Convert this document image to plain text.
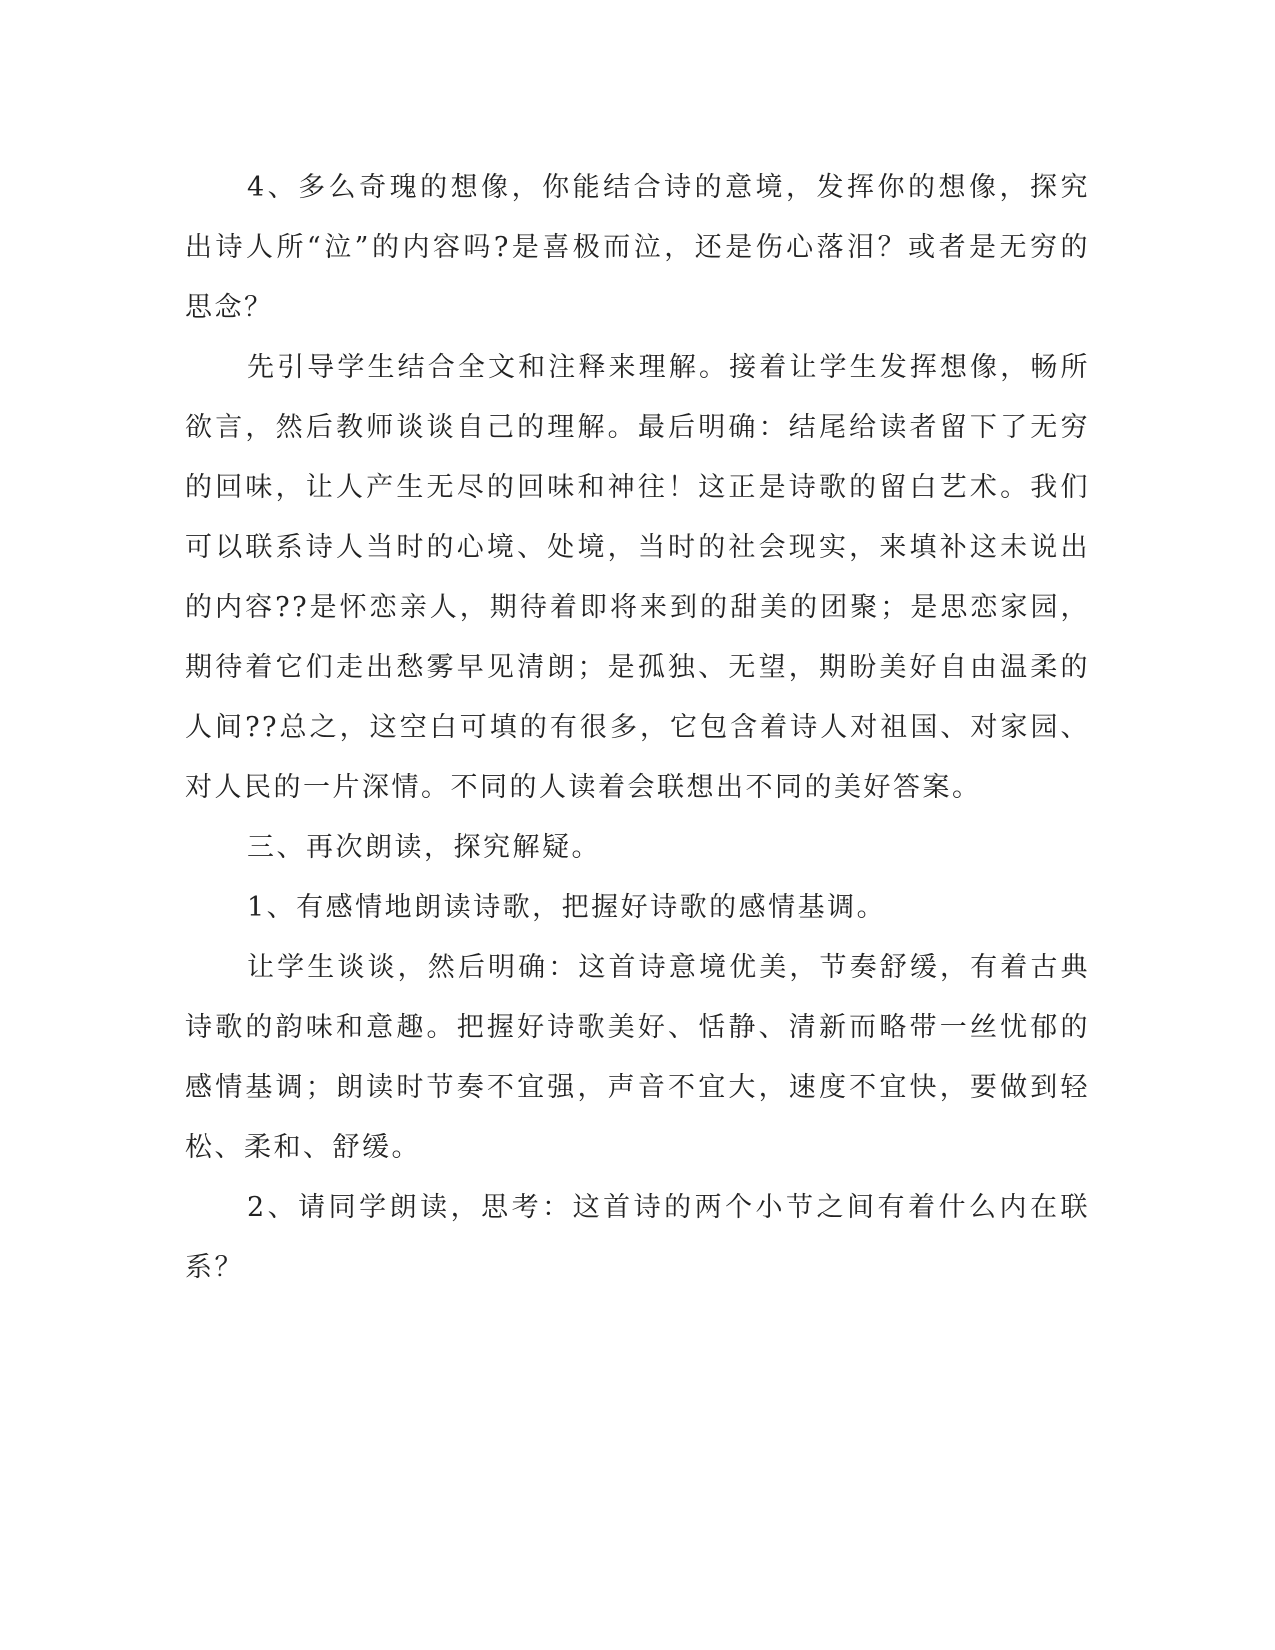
4、多么奇瑰的想像，你能结合诗的意境，发挥你的想像，探究出诗人所“泣”的内容吗?是喜极而泣，还是伤心落泪？或者是无穷的思念？

先引导学生结合全文和注释来理解。接着让学生发挥想像，畅所欲言，然后教师谈谈自己的理解。最后明确：结尾给读者留下了无穷的回味，让人产生无尽的回味和神往！这正是诗歌的留白艺术。我们可以联系诗人当时的心境、处境，当时的社会现实，来填补这未说出的内容??是怀恋亲人，期待着即将来到的甜美的团聚；是思恋家园，期待着它们走出愁雾早见清朗；是孤独、无望，期盼美好自由温柔的人间??总之，这空白可填的有很多，它包含着诗人对祖国、对家园、对人民的一片深情。不同的人读着会联想出不同的美好答案。

三、再次朗读，探究解疑。

1、有感情地朗读诗歌，把握好诗歌的感情基调。

让学生谈谈，然后明确：这首诗意境优美，节奏舒缓，有着古典诗歌的韵味和意趣。把握好诗歌美好、恬静、清新而略带一丝忧郁的感情基调；朗读时节奏不宜强，声音不宜大，速度不宜快，要做到轻松、柔和、舒缓。

2、请同学朗读，思考：这首诗的两个小节之间有着什么内在联系？
